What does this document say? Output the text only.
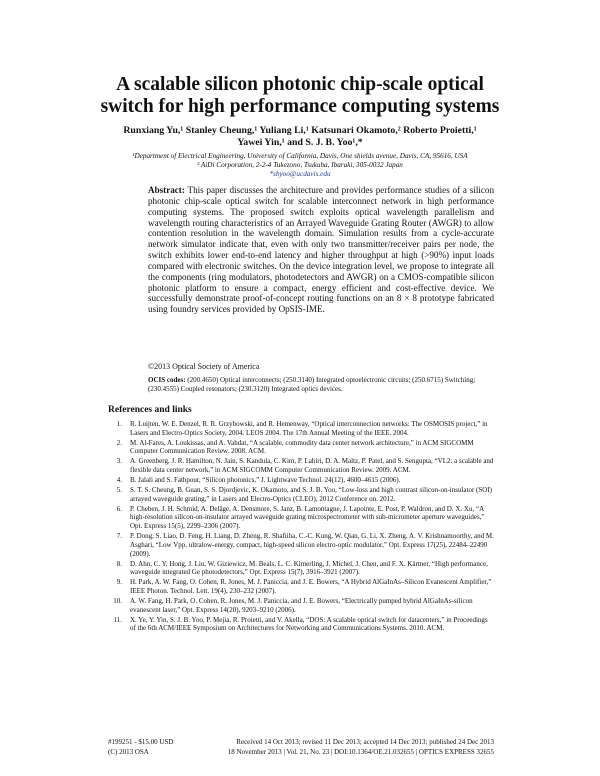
A scalable silicon photonic chip-scale optical
switch for high performance computing systems
Runxiang Yu,¹ Stanley Cheung,¹ Yuliang Li,¹ Katsunari Okamoto,² Roberto Proietti,¹
Yawei Yin,¹ and S. J. B. Yoo¹,*
¹Department of Electrical Engineering, University of California, Davis, One shields avenue, Davis, CA, 95616, USA
² AiDi Corporation, 2-2-4 Tukezono, Tsukuba, Ibaraki, 305-0032 Japan
*sbyoo@ucdavis.edu
Abstract: This paper discusses the architecture and provides performance studies of a silicon photonic chip-scale optical switch for scalable interconnect network in high performance computing systems. The proposed switch exploits optical wavelength parallelism and wavelength routing characteristics of an Arrayed Waveguide Grating Router (AWGR) to allow contention resolution in the wavelength domain. Simulation results from a cycle-accurate network simulator indicate that, even with only two transmitter/receiver pairs per node, the switch exhibits lower end-to-end latency and higher throughput at high (>90%) input loads compared with electronic switches. On the device integration level, we propose to integrate all the components (ring modulators, photodetectors and AWGR) on a CMOS-compatible silicon photonic platform to ensure a compact, energy efficient and cost-effective device. We successfully demonstrate proof-of-concept routing functions on an 8 × 8 prototype fabricated using foundry services provided by OpSIS-IME.
©2013 Optical Society of America
OCIS codes: (200.4650) Optical interconnects; (250.3140) Integrated optoelectronic circuits; (250.6715) Switching; (230.4555) Coupled resonators; (230.3120) Integrated optics devices.
References and links
1. R. Luijten, W. E. Denzel, R. R. Grzybowski, and R. Hemenway, “Optical interconnection networks: The OSMOSIS project,” in Lasers and Electro-Optics Society, 2004. LEOS 2004. The 17th Annual Meeting of the IEEE. 2004.
2. M. Al-Fares, A. Loukissas, and A. Vahdat, “A scalable, commodity data center network architecture,” in ACM SIGCOMM Computer Communication Review. 2008. ACM.
3. A. Greenberg, J. R. Hamilton, N. Jain, S. Kandula, C. Kim, P. Lahiri, D. A. Maltz, P. Patel, and S. Sengupta, “VL2: a scalable and flexible data center network,” in ACM SIGCOMM Computer Communication Review. 2009. ACM.
4. B. Jalali and S. Fathpour, “Silicon photonics,” J. Lightwave Technol. 24(12), 4600–4615 (2006).
5. S. T. S. Cheung, B. Guan, S. S. Djordjevic, K. Okamoto, and S. J. B. Yoo, “Low-loss and high contrast silicon-on-insulator (SOI) arrayed waveguide grating,” in Lasers and Electro-Optics (CLEO), 2012 Conference on. 2012.
6. P. Cheben, J. H. Schmid, A. Delâge, A. Densmore, S. Janz, B. Lamontagne, J. Lapointe, E. Post, P. Waldron, and D. X. Xu, “A high-resolution silicon-on-insulator arrayed waveguide grating microspectrometer with sub-micrometer aperture waveguides,” Opt. Express 15(5), 2299–2306 (2007).
7. P. Dong, S. Liao, D. Feng, H. Liang, D. Zheng, R. Shafiiha, C.-C. Kung, W. Qian, G. Li, X. Zheng, A. V. Krishnamoorthy, and M. Asghari, “Low Vpp, ultralow-energy, compact, high-speed silicon electro-optic modulator,” Opt. Express 17(25), 22484–22490 (2009).
8. D. Ahn, C. Y. Hong, J. Liu, W. Giziewicz, M. Beals, L. C. Kimerling, J. Michel, J. Chen, and F. X. Kärtner, “High performance, waveguide integrated Ge photodetectors,” Opt. Express 15(7), 3916–3921 (2007).
9. H. Park, A. W. Fang, O. Cohen, R. Jones, M. J. Paniccia, and J. E. Bowers, “A Hybrid AlGaInAs–Silicon Evanescent Amplifier,” IEEE Photon. Technol. Lett. 19(4), 230–232 (2007).
10. A. W. Fang, H. Park, O. Cohen, R. Jones, M. J. Paniccia, and J. E. Bowers, “Electrically pumped hybrid AlGaInAs-silicon evanescent laser,” Opt. Express 14(20), 9203–9210 (2006).
11. X. Ye, Y. Yin, S. J. B. Yoo, P. Mejia, R. Proietti, and V. Akella, “DOS: A scalable optical switch for datacenters,” in Proceedings of the 6th ACM/IEEE Symposium on Architectures for Networking and Communications Systems. 2010. ACM.
#199251 - $15.00 USD	Received 14 Oct 2013; revised 11 Dec 2013; accepted 14 Dec 2013; published 24 Dec 2013
(C) 2013 OSA	18 November 2013 | Vol. 21, No. 23 | DOI:10.1364/OE.21.032655 | OPTICS EXPRESS 32655
